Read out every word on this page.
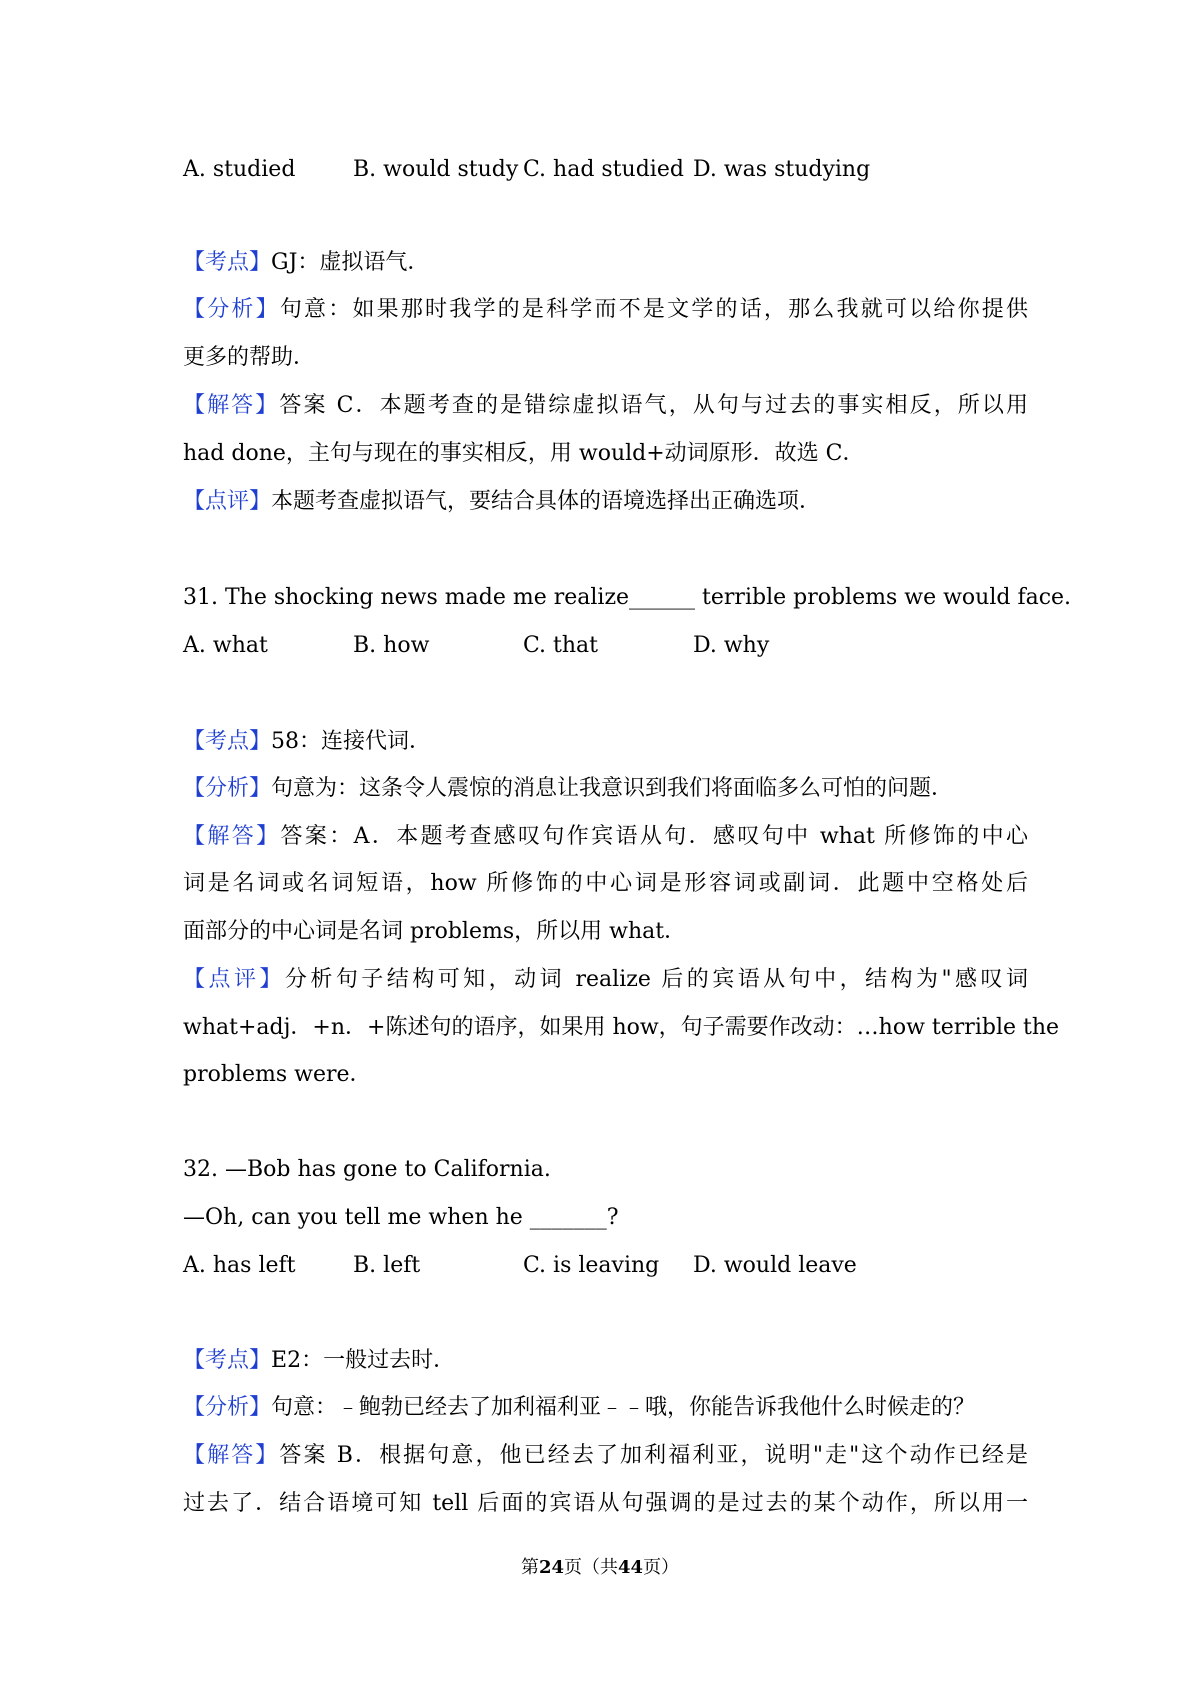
A. studied	B. would study C. had studied D. was studying
【考点】GJ：虚拟语气．
【分析】句意：如果那时我学的是科学而不是文学的话，那么我就可以给你提供
更多的帮助．
【解答】答案 C．本题考查的是错综虚拟语气，从句与过去的事实相反，所以用
had done，主句与现在的事实相反，用 would+动词原形．故选 C．
【点评】本题考查虚拟语气，要结合具体的语境选择出正确选项．
31. The shocking news made me realize______ terrible problems we would face.
A. what	B. how	C. that	D. why
【考点】58：连接代词．
【分析】句意为：这条令人震惊的消息让我意识到我们将面临多么可怕的问题．
【解答】答案：A．本题考查感叹句作宾语从句．感叹句中 what 所修饰的中心
词是名词或名词短语，how 所修饰的中心词是形容词或副词．此题中空格处后
面部分的中心词是名词 problems，所以用 what．
【点评】分析句子结构可知，动词 realize 后的宾语从句中，结构为"感叹词
what+adj．+n．+陈述句的语序，如果用 how，句子需要作改动：…how terrible the
problems were．
32. —Bob has gone to California.
—Oh, can you tell me when he _______?
A. has left	B. left	C. is leaving D. would leave
【考点】E2：一般过去时．
【分析】句意：﹣鲍勃已经去了加利福利亚﹣﹣哦，你能告诉我他什么时候走的？
【解答】答案 B．根据句意，他已经去了加利福利亚，说明"走"这个动作已经是
过去了．结合语境可知 tell 后面的宾语从句强调的是过去的某个动作，所以用一
第24页（共44页）
